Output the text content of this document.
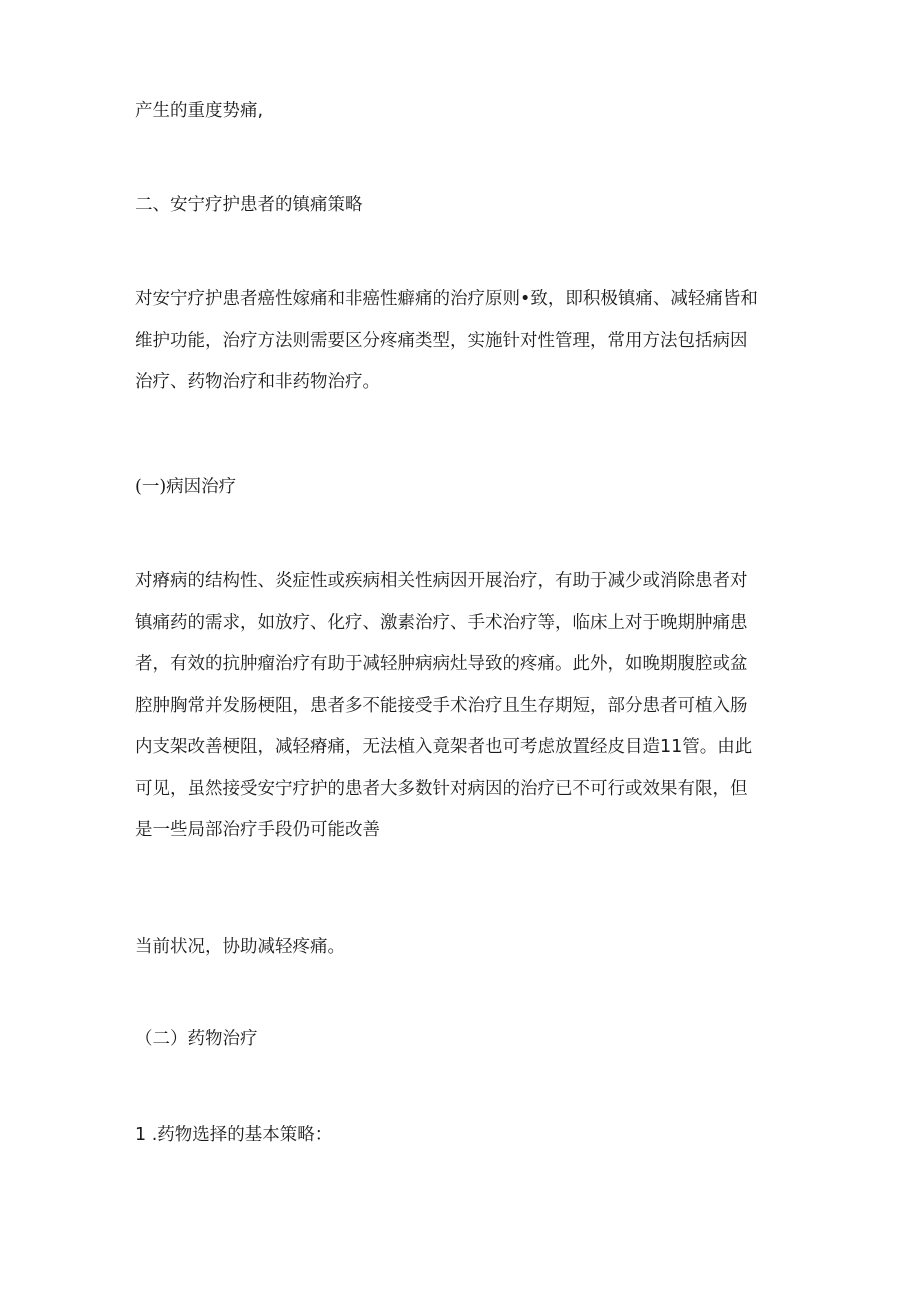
产生的重度势痛,

二、安宁疗护患者的镇痛策略

对安宁疗护患者癌性嫁痛和非癌性癖痛的治疗原则•致，即积极镇痛、减轻痛皆和
维护功能，治疗方法则需要区分疼痛类型，实施针对性管理，常用方法包括病因
治疗、药物治疗和非药物治疗。

(一)病因治疗

对瘠病的结构性、炎症性或疾病相关性病因开展治疗，有助于减少或消除患者对
镇痛药的需求，如放疗、化疗、激素治疗、手术治疗等，临床上对于晚期肿痛患
者，有效的抗肿瘤治疗有助于减轻肿病病灶导致的疼痛。此外，如晚期腹腔或盆
腔肿胸常并发肠梗阻，患者多不能接受手术治疗且生存期短，部分患者可植入肠
内支架改善梗阻，减轻瘠痛，无法植入竟架者也可考虑放置经皮目造11管。由此
可见，虽然接受安宁疗护的患者大多数针对病因的治疗已不可行或效果有限，但
是一些局部治疗手段仍可能改善

当前状况，协助减轻疼痛。

（二）药物治疗

1 .药物选择的基本策略：
